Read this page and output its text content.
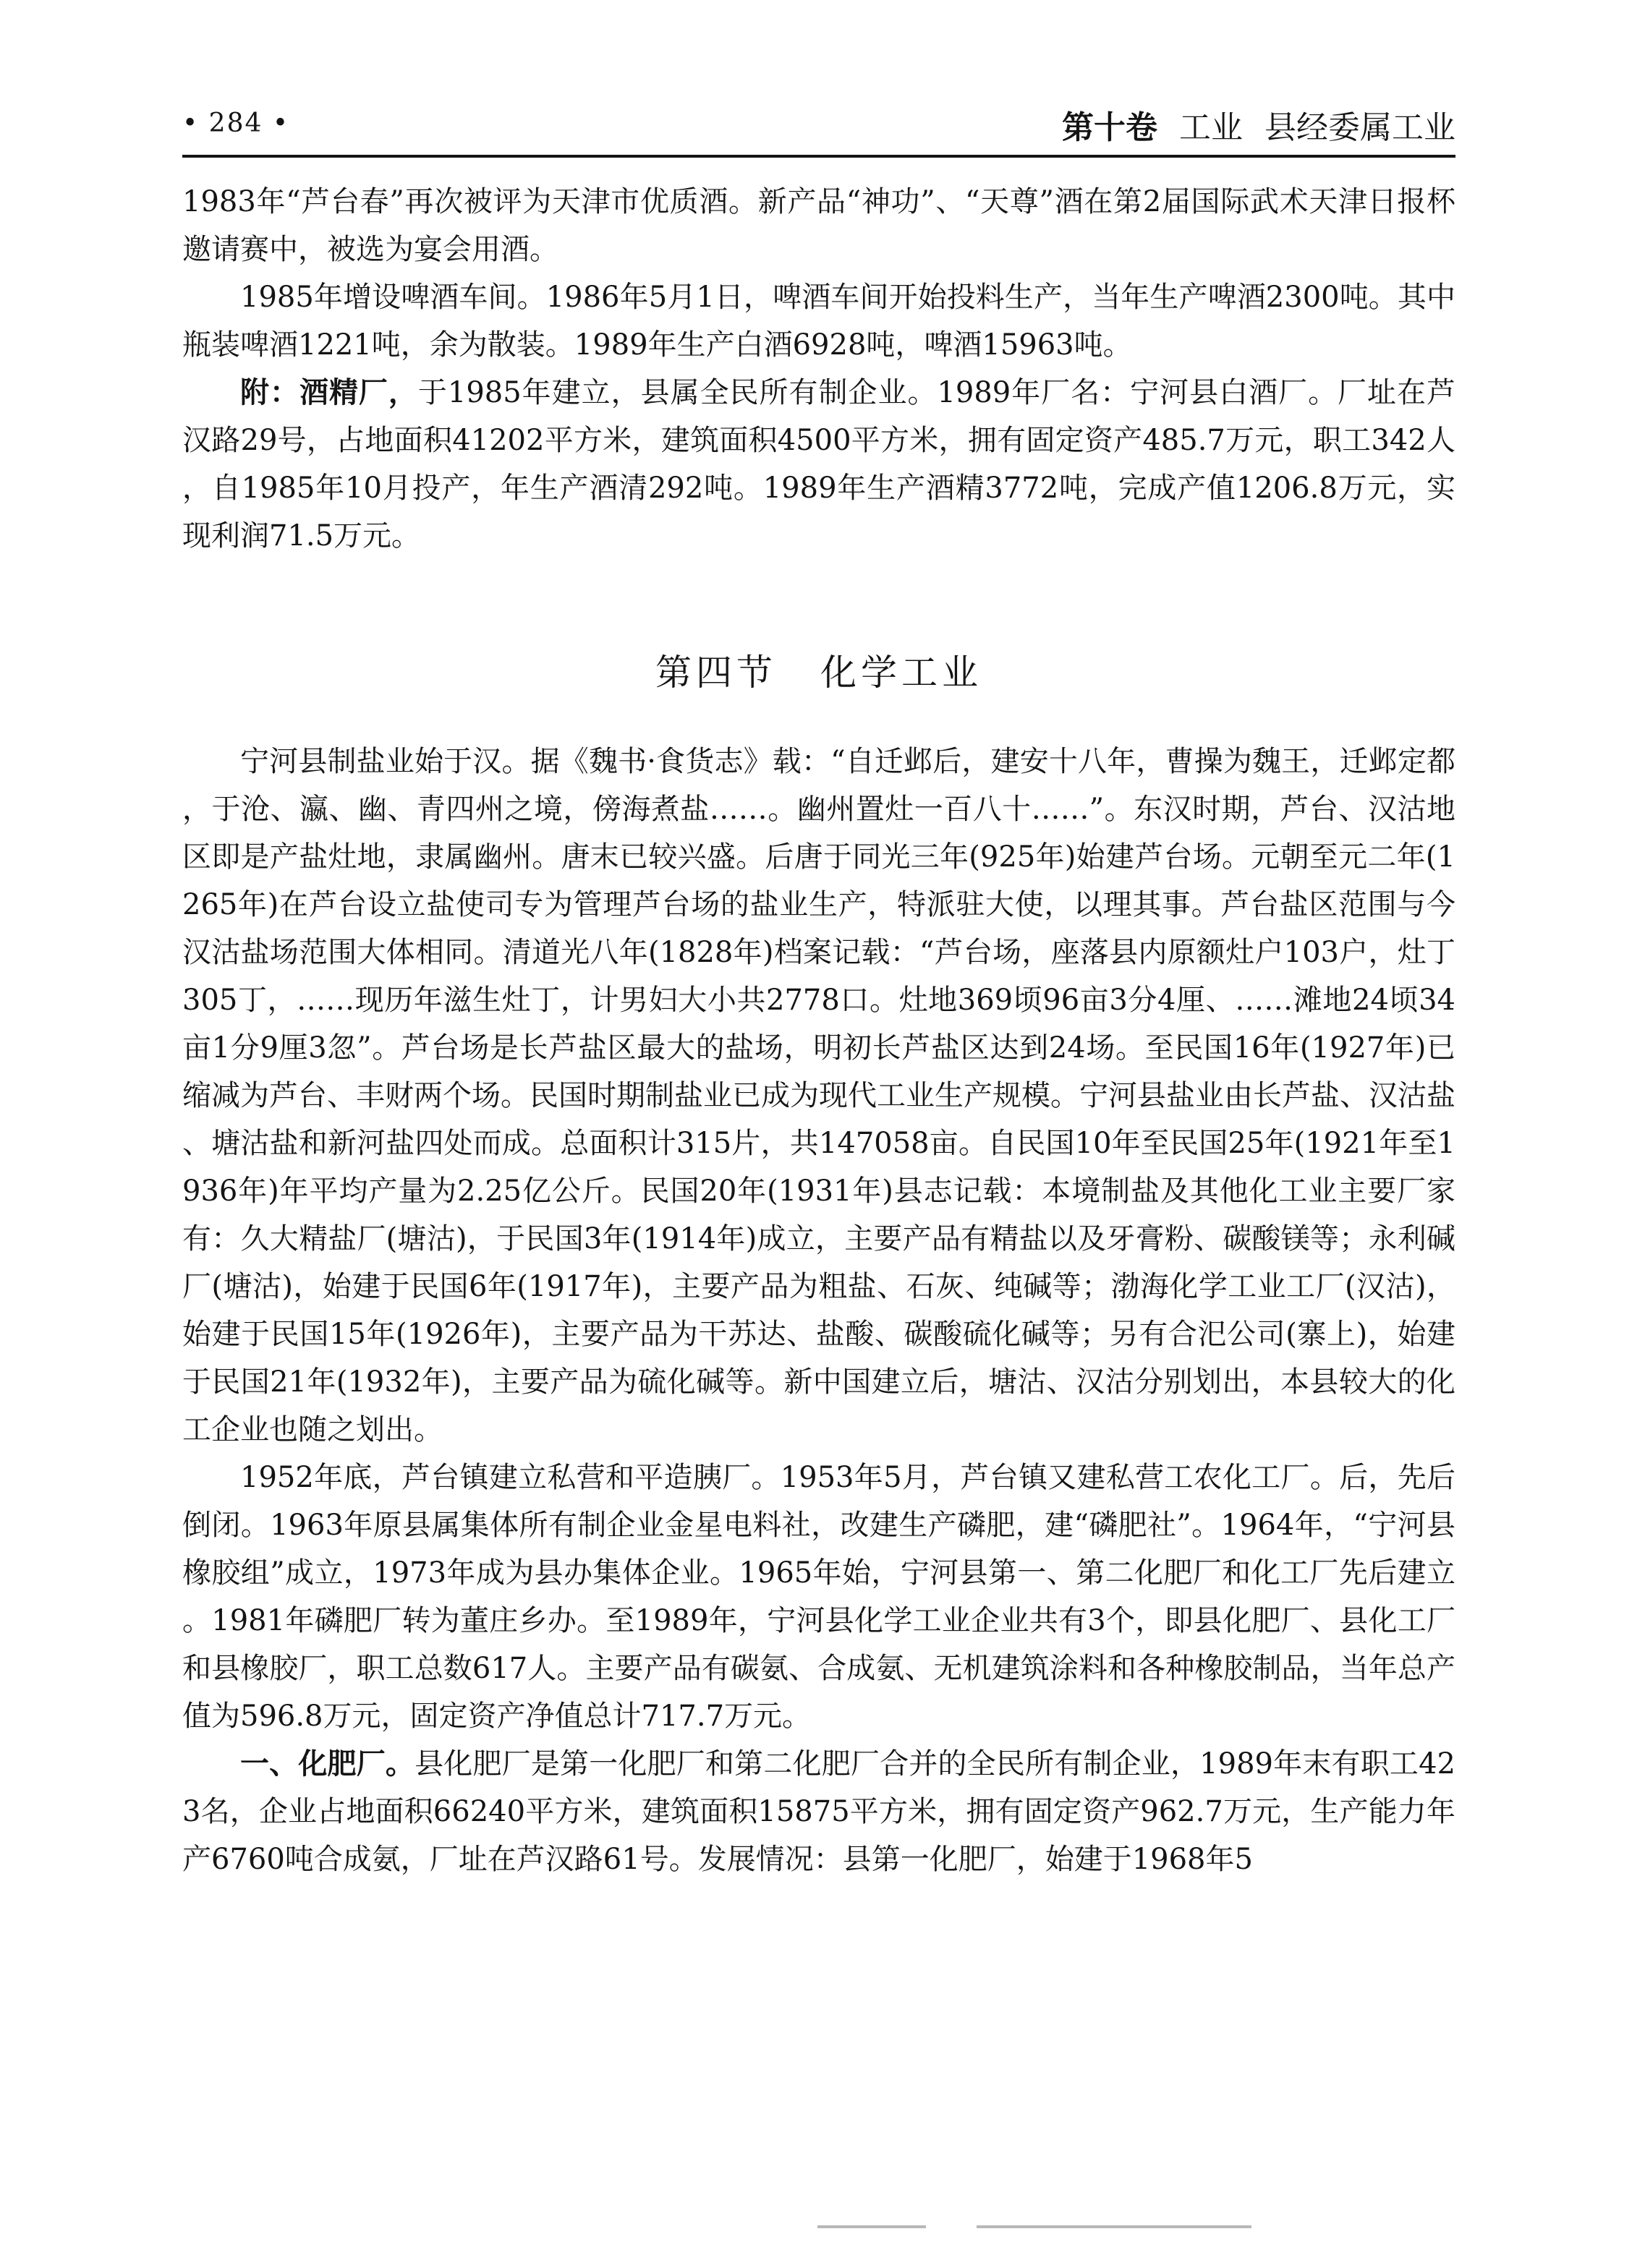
• 284 •	第十卷 工业 县经委属工业

1983年“芦台春”再次被评为天津市优质酒。新产品“神功”、“天尊”酒在第2届国际武术天津日报杯邀请赛中，被选为宴会用酒。

1985年增设啤酒车间。1986年5月1日，啤酒车间开始投料生产，当年生产啤酒2300吨。其中瓶装啤酒1221吨，余为散装。1989年生产白酒6928吨，啤酒15963吨。

附：酒精厂，于1985年建立，县属全民所有制企业。1989年厂名：宁河县白酒厂。厂址在芦汉路29号，占地面积41202平方米，建筑面积4500平方米，拥有固定资产485.7万元，职工342人，自1985年10月投产，年生产酒清292吨。1989年生产酒精3772吨，完成产值1206.8万元，实现利润71.5万元。

第四节 化学工业

宁河县制盐业始于汉。据《魏书·食货志》载：“自迁邺后，建安十八年，曹操为魏王，迁邺定都，于沧、瀛、幽、青四州之境，傍海煮盐……。幽州置灶一百八十……”。东汉时期，芦台、汉沽地区即是产盐灶地，隶属幽州。唐末已较兴盛。后唐于同光三年(925年)始建芦台场。元朝至元二年(1265年)在芦台设立盐使司专为管理芦台场的盐业生产，特派驻大使，以理其事。芦台盐区范围与今汉沽盐场范围大体相同。清道光八年(1828年)档案记载：“芦台场，座落县内原额灶户103户，灶丁305丁，……现历年滋生灶丁，计男妇大小共2778口。灶地369顷96亩3分4厘、……滩地24顷34亩1分9厘3忽”。芦台场是长芦盐区最大的盐场，明初长芦盐区达到24场。至民国16年(1927年)已缩减为芦台、丰财两个场。民国时期制盐业已成为现代工业生产规模。宁河县盐业由长芦盐、汉沽盐、塘沽盐和新河盐四处而成。总面积计315片，共147058亩。自民国10年至民国25年(1921年至1936年)年平均产量为2.25亿公斤。民国20年(1931年)县志记载：本境制盐及其他化工业主要厂家有：久大精盐厂(塘沽)，于民国3年(1914年)成立，主要产品有精盐以及牙膏粉、碳酸镁等；永利碱厂(塘沽)，始建于民国6年(1917年)，主要产品为粗盐、石灰、纯碱等；渤海化学工业工厂(汉沽)，始建于民国15年(1926年)，主要产品为干苏达、盐酸、碳酸硫化碱等；另有合汜公司(寨上)，始建于民国21年(1932年)，主要产品为硫化碱等。新中国建立后，塘沽、汉沽分别划出，本县较大的化工企业也随之划出。

1952年底，芦台镇建立私营和平造胰厂。1953年5月，芦台镇又建私营工农化工厂。后，先后倒闭。1963年原县属集体所有制企业金星电料社，改建生产磷肥，建“磷肥社”。1964年，“宁河县橡胶组”成立，1973年成为县办集体企业。1965年始，宁河县第一、第二化肥厂和化工厂先后建立。1981年磷肥厂转为董庄乡办。至1989年，宁河县化学工业企业共有3个，即县化肥厂、县化工厂和县橡胶厂，职工总数617人。主要产品有碳氨、合成氨、无机建筑涂料和各种橡胶制品，当年总产值为596.8万元，固定资产净值总计717.7万元。

一、化肥厂。县化肥厂是第一化肥厂和第二化肥厂合并的全民所有制企业，1989年末有职工423名，企业占地面积66240平方米，建筑面积15875平方米，拥有固定资产962.7万元，生产能力年产6760吨合成氨，厂址在芦汉路61号。发展情况：县第一化肥厂，始建于1968年5
